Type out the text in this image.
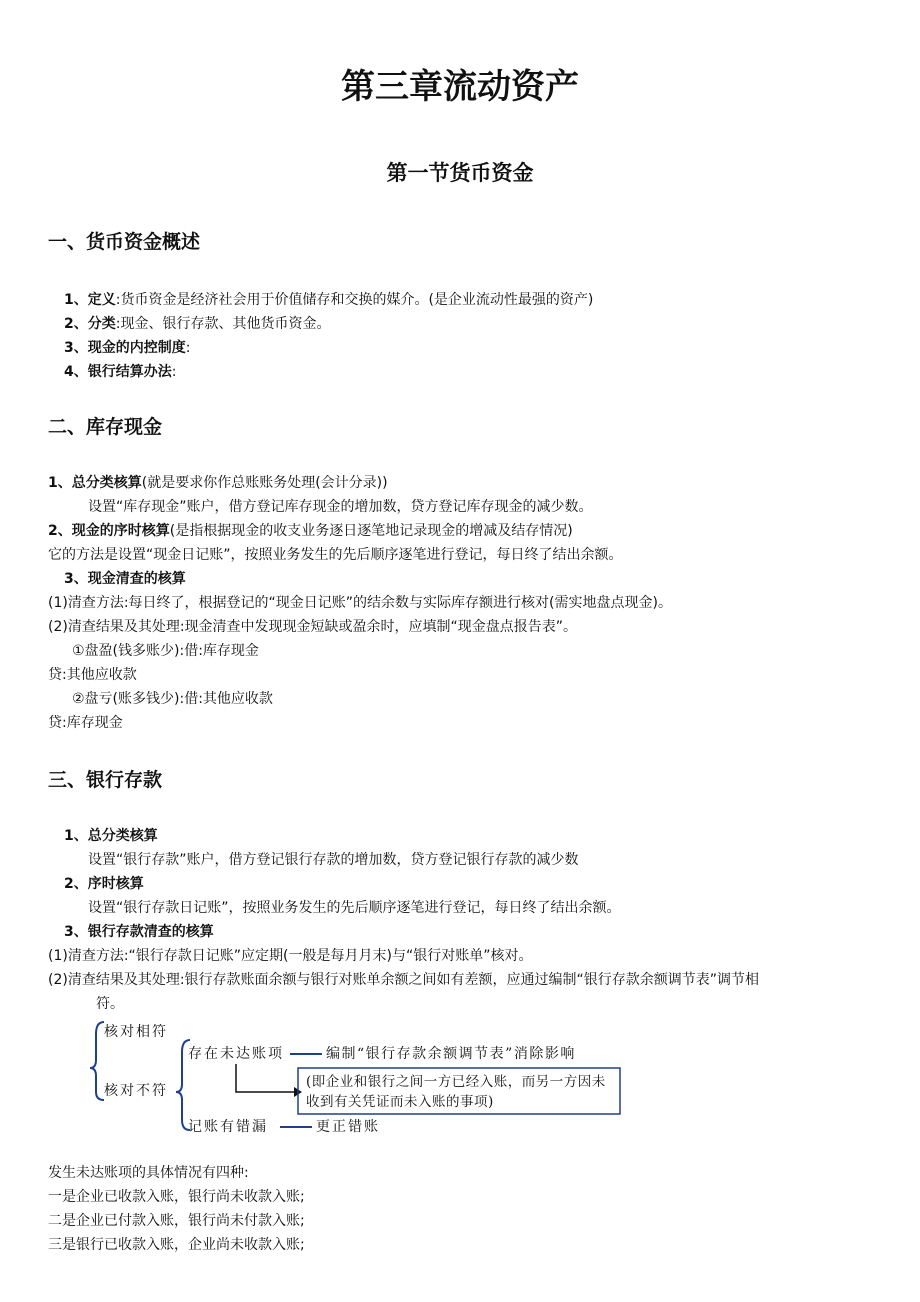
第三章流动资产
第一节货币资金
一、货币资金概述
1、定义:货币资金是经济社会用于价值储存和交换的媒介。(是企业流动性最强的资产)
2、分类:现金、银行存款、其他货币资金。
3、现金的内控制度:
4、银行结算办法:
二、库存现金
1、总分类核算(就是要求你作总账账务处理(会计分录))
设置“库存现金”账户，借方登记库存现金的增加数，贷方登记库存现金的减少数。
2、现金的序时核算(是指根据现金的收支业务逐日逐笔地记录现金的增减及结存情况)
它的方法是设置“现金日记账”，按照业务发生的先后顺序逐笔进行登记，每日终了结出余额。
3、现金清查的核算
(1)清查方法:每日终了，根据登记的“现金日记账”的结余数与实际库存额进行核对(需实地盘点现金)。
(2)清查结果及其处理:现金清查中发现现金短缺或盈余时，应填制“现金盘点报告表”。
①盘盈(钱多账少):借:库存现金
贷:其他应收款
②盘亏(账多钱少):借:其他应收款
贷:库存现金
三、银行存款
1、总分类核算
设置“银行存款”账户，借方登记银行存款的增加数，贷方登记银行存款的减少数
2、序时核算
设置“银行存款日记账”，按照业务发生的先后顺序逐笔进行登记，每日终了结出余额。
3、银行存款清查的核算
(1)清查方法:“银行存款日记账”应定期(一般是每月月末)与“银行对账单”核对。
(2)清查结果及其处理:银行存款账面余额与银行对账单余额之间如有差额，应通过编制“银行存款余额调节表”调节相
符。
核对相符
核对不符
存在未达账项	编制“银行存款余额调节表”消除影响
(即企业和银行之间一方已经入账，而另一方因未收到有关凭证而未入账的事项)
记账有错漏	更正错账
发生未达账项的具体情况有四种:
一是企业已收款入账，银行尚未收款入账;
二是企业已付款入账，银行尚未付款入账;
三是银行已收款入账，企业尚未收款入账;
